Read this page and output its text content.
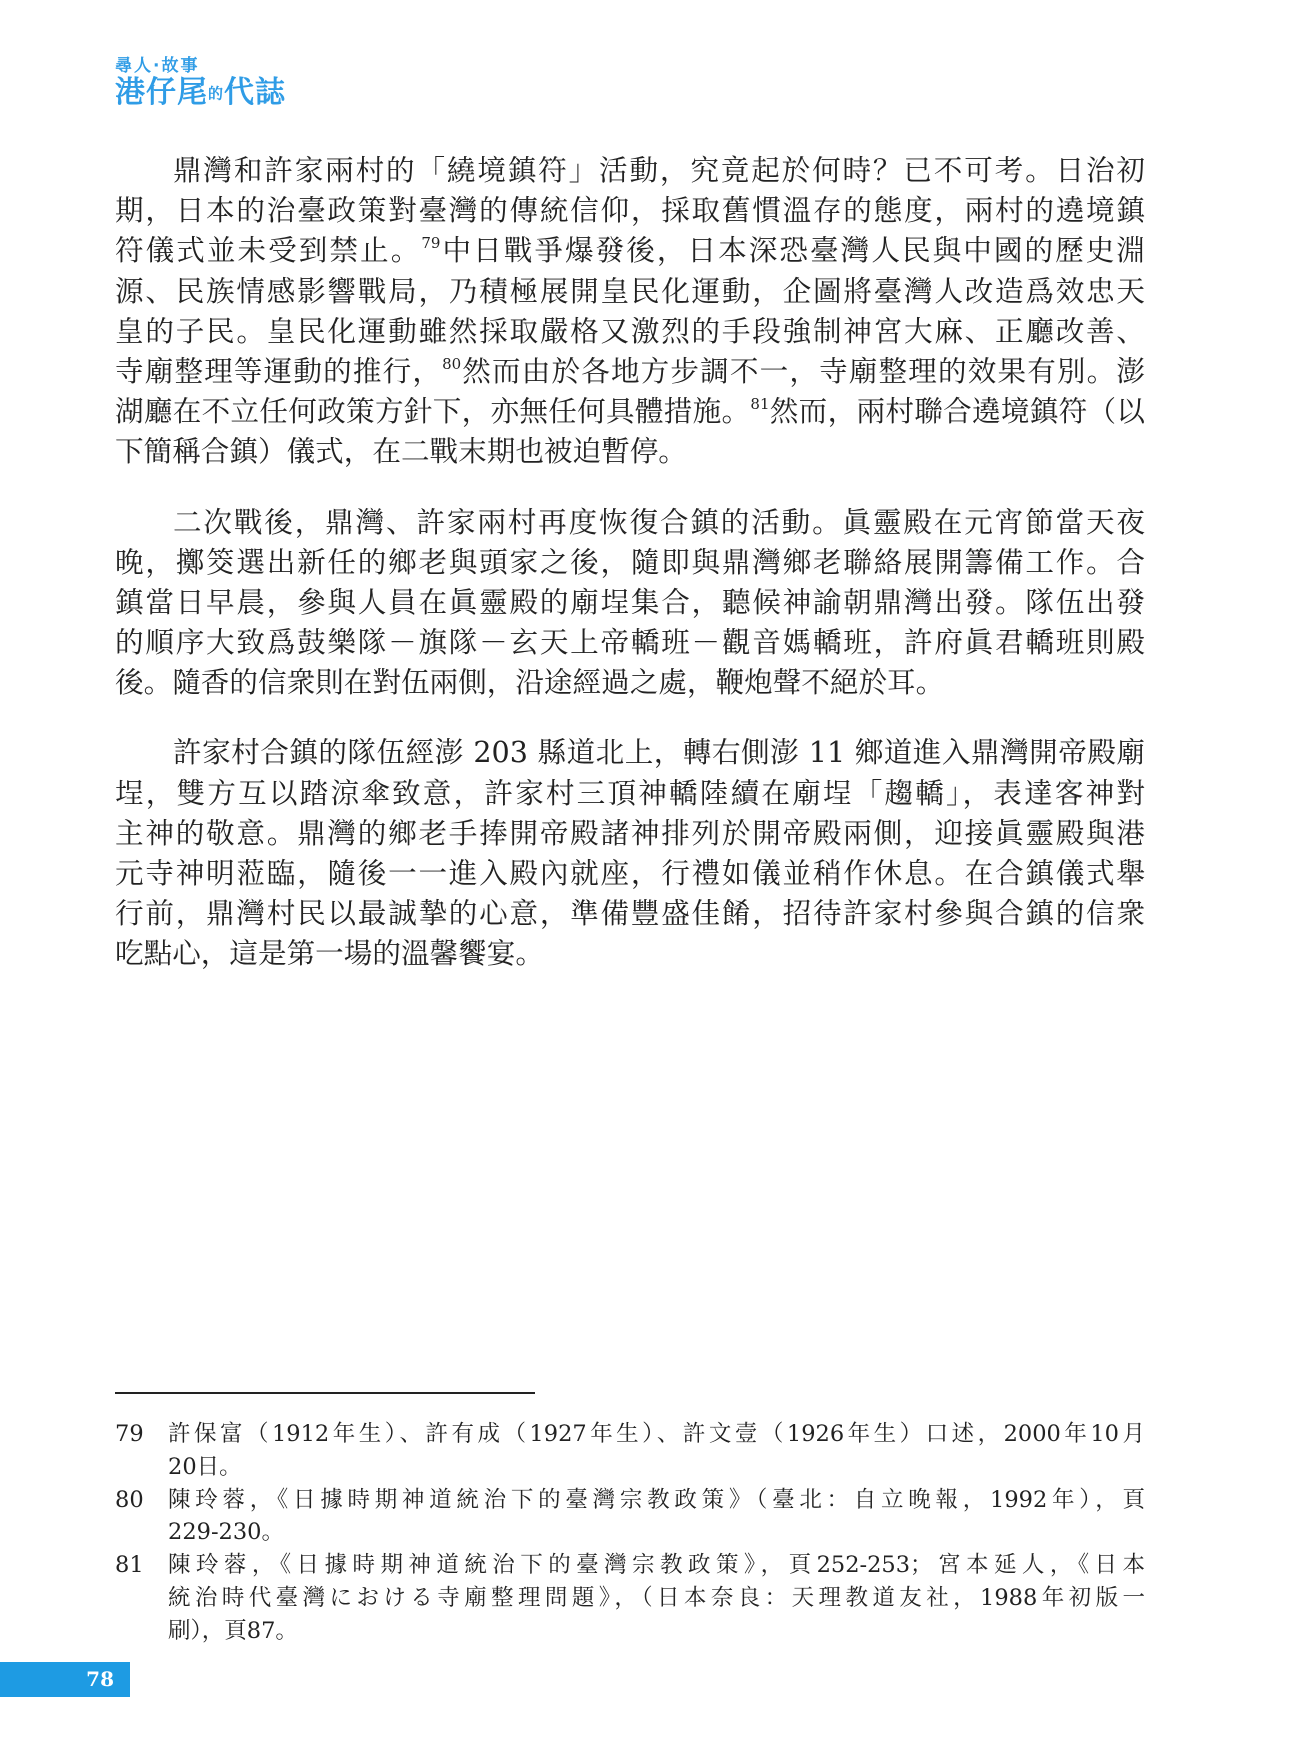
尋人·故事
港仔尾的代誌
鼎灣和許家兩村的「繞境鎮符」活動，究竟起於何時？已不可考。日治初
期，日本的治臺政策對臺灣的傳統信仰，採取舊慣溫存的態度，兩村的遶境鎮
符儀式並未受到禁止。$^{79}$中日戰爭爆發後，日本深恐臺灣人民與中國的歷史淵
源、民族情感影響戰局，乃積極展開皇民化運動，企圖將臺灣人改造爲效忠天
皇的子民。皇民化運動雖然採取嚴格又激烈的手段強制神宮大麻、正廳改善、
寺廟整理等運動的推行，$^{80}$然而由於各地方步調不一，寺廟整理的效果有別。澎
湖廳在不立任何政策方針下，亦無任何具體措施。$^{81}$然而，兩村聯合遶境鎮符（以
下簡稱合鎮）儀式，在二戰末期也被迫暫停。
二次戰後，鼎灣、許家兩村再度恢復合鎮的活動。眞靈殿在元宵節當天夜
晚，擲筊選出新任的鄉老與頭家之後，隨即與鼎灣鄉老聯絡展開籌備工作。合
鎮當日早晨，參與人員在眞靈殿的廟埕集合，聽候神諭朝鼎灣出發。隊伍出發
的順序大致爲鼓樂隊－旗隊－玄天上帝轎班－觀音媽轎班，許府眞君轎班則殿
後。隨香的信衆則在對伍兩側，沿途經過之處，鞭炮聲不絕於耳。
許家村合鎮的隊伍經澎 203 縣道北上，轉右側澎 11 鄉道進入鼎灣開帝殿廟
埕，雙方互以踏涼傘致意，許家村三頂神轎陸續在廟埕「趨轎」，表達客神對
主神的敬意。鼎灣的鄉老手捧開帝殿諸神排列於開帝殿兩側，迎接眞靈殿與港
元寺神明蒞臨，隨後一一進入殿內就座，行禮如儀並稍作休息。在合鎮儀式舉
行前，鼎灣村民以最誠摯的心意，準備豐盛佳餚，招待許家村參與合鎮的信衆
吃點心，這是第一場的溫馨饗宴。
79 許保富（1912年生）、許有成（1927年生）、許文壹（1926年生）口述，2000年10月
20日。
80 陳玲蓉，《日據時期神道統治下的臺灣宗教政策》（臺北：自立晚報，1992年），頁
229-230。
81 陳玲蓉，《日據時期神道統治下的臺灣宗教政策》，頁252-253；宮本延人，《日本
統治時代臺灣における寺廟整理問題》，（日本奈良：天理教道友社，1988年初版一
刷），頁87。
78
